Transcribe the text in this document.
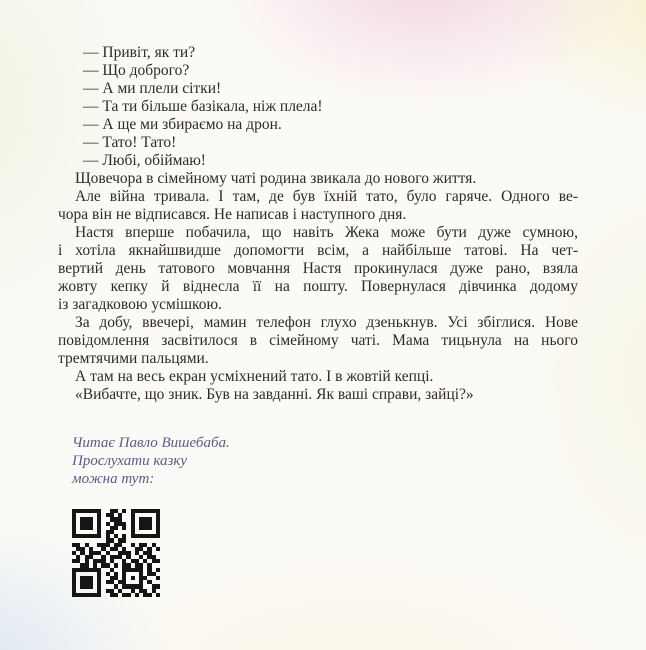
— Привіт, як ти?
— Що доброго?
— А ми плели сітки!
— Та ти більше базікала, ніж плела!
— А ще ми збираємо на дрон.
— Тато! Тато!
— Любі, обіймаю!
Щовечора в сімейному чаті родина звикала до нового життя.
Але війна тривала. І там, де був їхній тато, було гаряче. Одного ве-
чора він не відписався. Не написав і наступного дня.
Настя вперше побачила, що навіть Жека може бути дуже сумною,
і хотіла якнайшвидше допомогти всім, а найбільше татові. На чет-
вертий день татового мовчання Настя прокинулася дуже рано, взяла
жовту кепку й віднесла її на пошту. Повернулася дівчинка додому
із загадковою усмішкою.
За добу, ввечері, мамин телефон глухо дзенькнув. Усі збіглися. Нове
повідомлення засвітилося в сімейному чаті. Мама тицьнула на нього
тремтячими пальцями.
А там на весь екран усміхнений тато. І в жовтій кепці.
«Вибачте, що зник. Був на завданні. Як ваші справи, зайці?»
Читає Павло Вишебаба.
Прослухати казку
можна тут:
